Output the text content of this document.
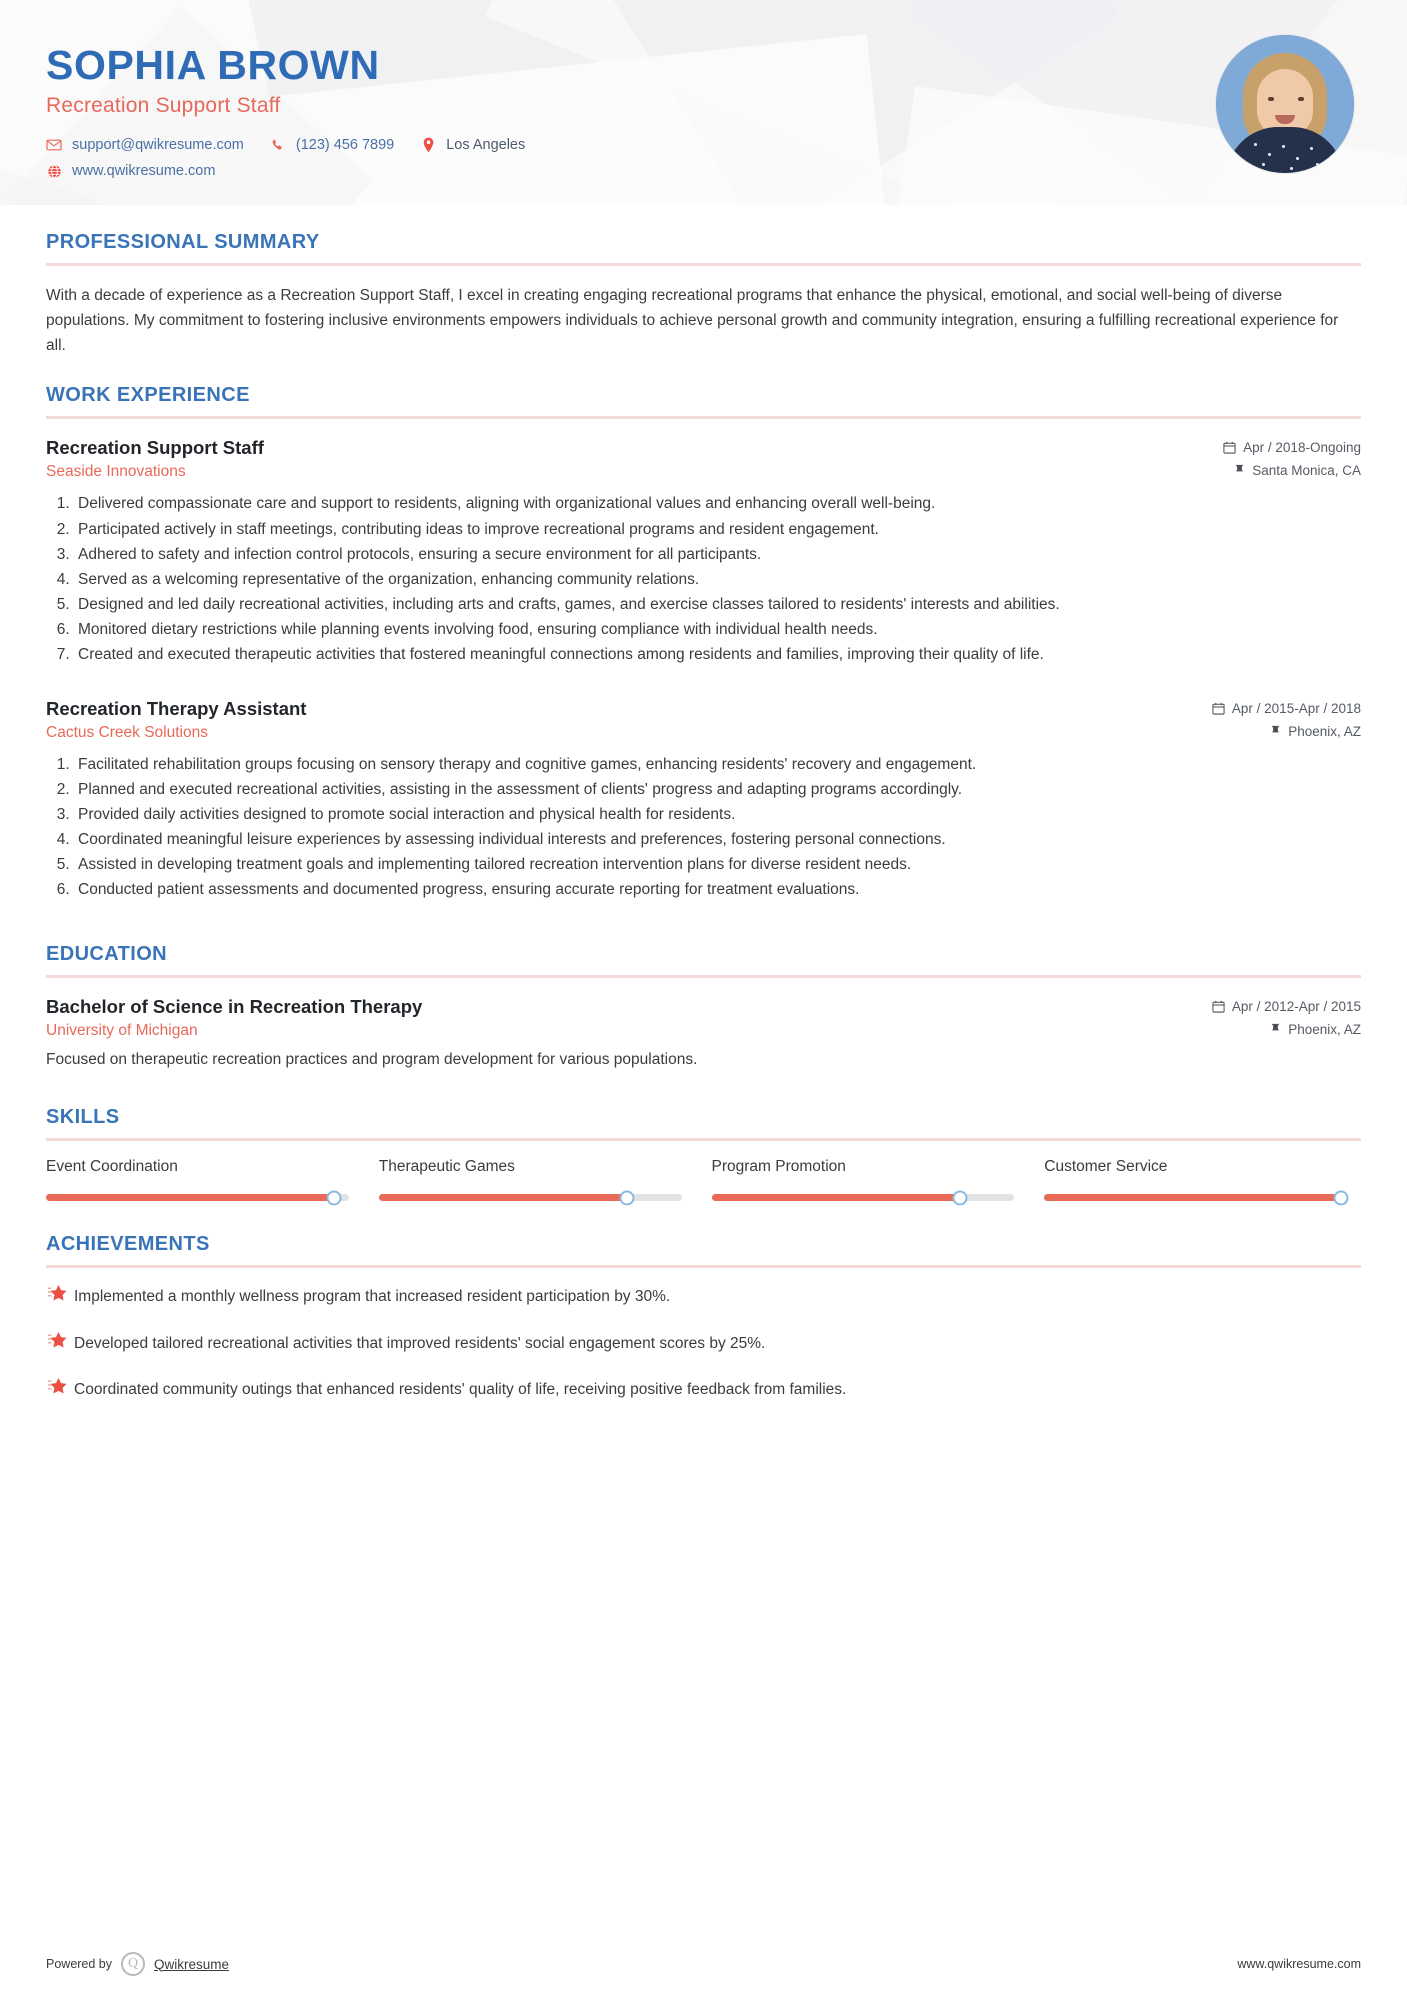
SOPHIA BROWN
Recreation Support Staff
support@qwikresume.com	(123) 456 7899	Los Angeles
www.qwikresume.com
PROFESSIONAL SUMMARY

With a decade of experience as a Recreation Support Staff, I excel in creating engaging recreational programs that enhance the physical, emotional, and social well-being of diverse populations. My commitment to fostering inclusive environments empowers individuals to achieve personal growth and community integration, ensuring a fulfilling recreational experience for all.

WORK EXPERIENCE
Recreation Support Staff	Apr / 2018-Ongoing
Seaside Innovations	Santa Monica, CA
1. Delivered compassionate care and support to residents, aligning with organizational values and enhancing overall well-being.
2. Participated actively in staff meetings, contributing ideas to improve recreational programs and resident engagement.
3. Adhered to safety and infection control protocols, ensuring a secure environment for all participants.
4. Served as a welcoming representative of the organization, enhancing community relations.
5. Designed and led daily recreational activities, including arts and crafts, games, and exercise classes tailored to residents' interests and abilities.
6. Monitored dietary restrictions while planning events involving food, ensuring compliance with individual health needs.
7. Created and executed therapeutic activities that fostered meaningful connections among residents and families, improving their quality of life.
Recreation Therapy Assistant	Apr / 2015-Apr / 2018
Cactus Creek Solutions	Phoenix, AZ
1. Facilitated rehabilitation groups focusing on sensory therapy and cognitive games, enhancing residents' recovery and engagement.
2. Planned and executed recreational activities, assisting in the assessment of clients' progress and adapting programs accordingly.
3. Provided daily activities designed to promote social interaction and physical health for residents.
4. Coordinated meaningful leisure experiences by assessing individual interests and preferences, fostering personal connections.
5. Assisted in developing treatment goals and implementing tailored recreation intervention plans for diverse resident needs.
6. Conducted patient assessments and documented progress, ensuring accurate reporting for treatment evaluations.
EDUCATION
Bachelor of Science in Recreation Therapy	Apr / 2012-Apr / 2015
University of Michigan	Phoenix, AZ

Focused on therapeutic recreation practices and program development for various populations.

SKILLS
Event Coordination	Therapeutic Games	Program Promotion	Customer Service
ACHIEVEMENTS
Implemented a monthly wellness program that increased resident participation by 30%.
Developed tailored recreational activities that improved residents' social engagement scores by 25%.
Coordinated community outings that enhanced residents' quality of life, receiving positive feedback from families.
Powered by	Q	Qwikresume	www.qwikresume.com
